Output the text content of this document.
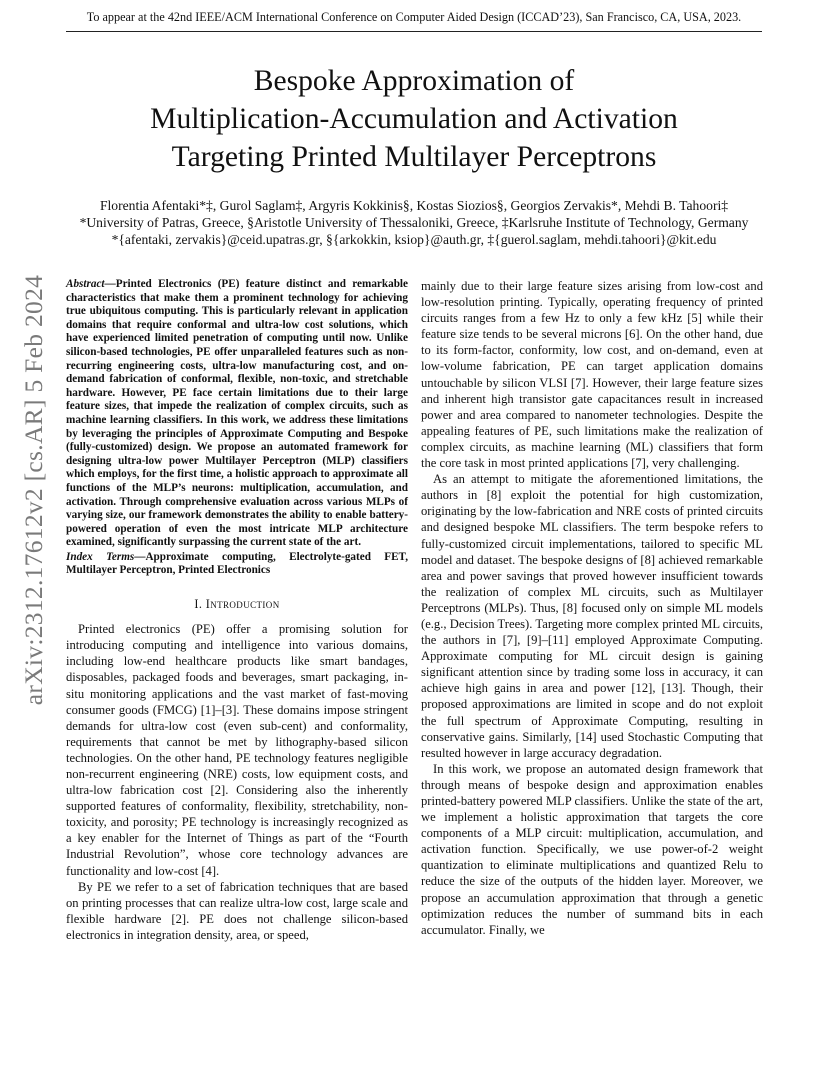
To appear at the 42nd IEEE/ACM International Conference on Computer Aided Design (ICCAD’23), San Francisco, CA, USA, 2023.
arXiv:2312.17612v2 [cs.AR] 5 Feb 2024
Bespoke Approximation of
Multiplication-Accumulation and Activation
Targeting Printed Multilayer Perceptrons
Florentia Afentaki*‡, Gurol Saglam‡, Argyris Kokkinis§, Kostas Siozios§, Georgios Zervakis*, Mehdi B. Tahoori‡
*University of Patras, Greece, §Aristotle University of Thessaloniki, Greece, ‡Karlsruhe Institute of Technology, Germany
*{afentaki, zervakis}@ceid.upatras.gr, §{arkokkin, ksiop}@auth.gr, ‡{guerol.saglam, mehdi.tahoori}@kit.edu

Abstract—Printed Electronics (PE) feature distinct and remarkable characteristics that make them a prominent technology for achieving true ubiquitous computing. This is particularly relevant in application domains that require conformal and ultra-low cost solutions, which have experienced limited penetration of computing until now. Unlike silicon-based technologies, PE offer unparalleled features such as non-recurring engineering costs, ultra-low manufacturing cost, and on-demand fabrication of conformal, flexible, non-toxic, and stretchable hardware. However, PE face certain limitations due to their large feature sizes, that impede the realization of complex circuits, such as machine learning classifiers. In this work, we address these limitations by leveraging the principles of Approximate Computing and Bespoke (fully-customized) design. We propose an automated framework for designing ultra-low power Multilayer Perceptron (MLP) classifiers which employs, for the first time, a holistic approach to approximate all functions of the MLP’s neurons: multiplication, accumulation, and activation. Through comprehensive evaluation across various MLPs of varying size, our framework demonstrates the ability to enable battery-powered operation of even the most intricate MLP architecture examined, significantly surpassing the current state of the art.

Index Terms—Approximate computing, Electrolyte-gated FET, Multilayer Perceptron, Printed Electronics

I. Introduction

Printed electronics (PE) offer a promising solution for introducing computing and intelligence into various domains, including low-end healthcare products like smart bandages, disposables, packaged foods and beverages, smart packaging, in-situ monitoring applications and the vast market of fast-moving consumer goods (FMCG) [1]–[3]. These domains impose stringent demands for ultra-low cost (even sub-cent) and conformality, requirements that cannot be met by lithography-based silicon technologies. On the other hand, PE technology features negligible non-recurrent engineering (NRE) costs, low equipment costs, and ultra-low fabrication cost [2]. Considering also the inherently supported features of conformality, flexibility, stretchability, non-toxicity, and porosity; PE technology is increasingly recognized as a key enabler for the Internet of Things as part of the “Fourth Industrial Revolution”, whose core technology advances are functionality and low-cost [4].

By PE we refer to a set of fabrication techniques that are based on printing processes that can realize ultra-low cost, large scale and flexible hardware [2]. PE does not challenge silicon-based electronics in integration density, area, or speed,

mainly due to their large feature sizes arising from low-cost and low-resolution printing. Typically, operating frequency of printed circuits ranges from a few Hz to only a few kHz [5] while their feature size tends to be several microns [6]. On the other hand, due to its form-factor, conformity, low cost, and on-demand, even at low-volume fabrication, PE can target application domains untouchable by silicon VLSI [7]. However, their large feature sizes and inherent high transistor gate capacitances result in increased power and area compared to nanometer technologies. Despite the appealing features of PE, such limitations make the realization of complex circuits, as machine learning (ML) classifiers that form the core task in most printed applications [7], very challenging.

As an attempt to mitigate the aforementioned limitations, the authors in [8] exploit the potential for high customization, originating by the low-fabrication and NRE costs of printed circuits and designed bespoke ML classifiers. The term bespoke refers to fully-customized circuit implementations, tailored to specific ML model and dataset. The bespoke designs of [8] achieved remarkable area and power savings that proved however insufficient towards the realization of complex ML circuits, such as Multilayer Perceptrons (MLPs). Thus, [8] focused only on simple ML models (e.g., Decision Trees). Targeting more complex printed ML circuits, the authors in [7], [9]–[11] employed Approximate Computing. Approximate computing for ML circuit design is gaining significant attention since by trading some loss in accuracy, it can achieve high gains in area and power [12], [13]. Though, their proposed approximations are limited in scope and do not exploit the full spectrum of Approximate Computing, resulting in conservative gains. Similarly, [14] used Stochastic Computing that resulted however in large accuracy degradation.

In this work, we propose an automated design framework that through means of bespoke design and approximation enables printed-battery powered MLP classifiers. Unlike the state of the art, we implement a holistic approximation that targets the core components of a MLP circuit: multiplication, accumulation, and activation function. Specifically, we use power-of-2 weight quantization to eliminate multiplications and quantized Relu to reduce the size of the outputs of the hidden layer. Moreover, we propose an accumulation approximation that through a genetic optimization reduces the number of summand bits in each accumulator. Finally, we
